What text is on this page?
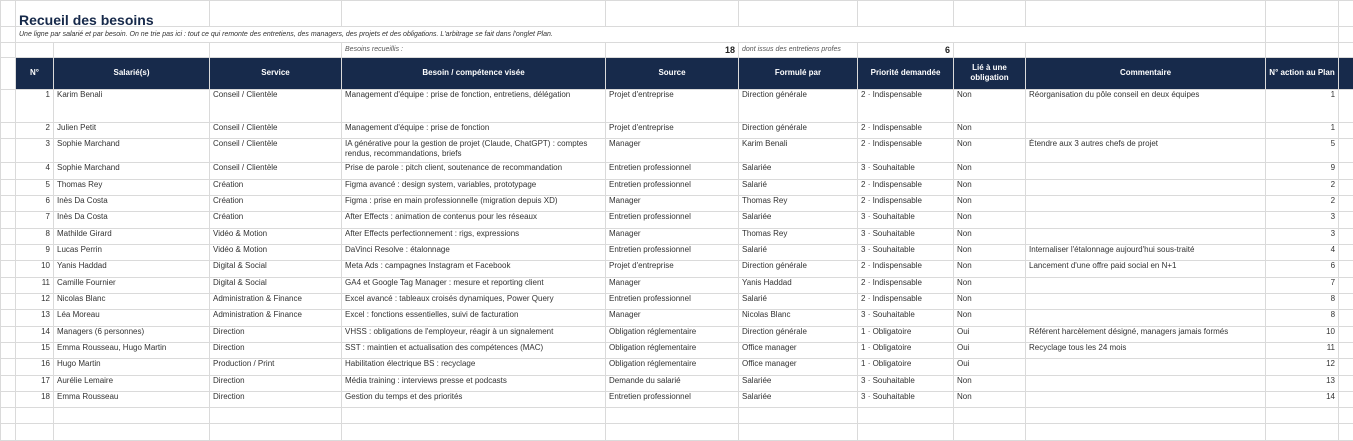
	Recueil des besoins										
	Une ligne par salarié et par besoin. On ne trie pas ici : tout ce qui remonte des entretiens, des managers, des projets et des obligations. L'arbitrage se fait dans l'onglet Plan.										
				Besoins recueillis :	18	dont issus des entretiens profes	6				
	N°	Salarié(s)	Service	Besoin / compétence visée	Source	Formulé par	Priorité demandée	Lié à une obligation	Commentaire	N° action au Plan	
	1	Karim Benali	Conseil / Clientèle	Management d'équipe : prise de fonction, entretiens, délégation	Projet d'entreprise	Direction générale	2 · Indispensable	Non	Réorganisation du pôle conseil en deux équipes	1	
	2	Julien Petit	Conseil / Clientèle	Management d'équipe : prise de fonction	Projet d'entreprise	Direction générale	2 · Indispensable	Non		1	
	3	Sophie Marchand	Conseil / Clientèle	IA générative pour la gestion de projet (Claude, ChatGPT) : comptes rendus, recommandations, briefs	Manager	Karim Benali	2 · Indispensable	Non	Étendre aux 3 autres chefs de projet	5	
	4	Sophie Marchand	Conseil / Clientèle	Prise de parole : pitch client, soutenance de recommandation	Entretien professionnel	Salariée	3 · Souhaitable	Non		9	
	5	Thomas Rey	Création	Figma avancé : design system, variables, prototypage	Entretien professionnel	Salarié	2 · Indispensable	Non		2	
	6	Inès Da Costa	Création	Figma : prise en main professionnelle (migration depuis XD)	Manager	Thomas Rey	2 · Indispensable	Non		2	
	7	Inès Da Costa	Création	After Effects : animation de contenus pour les réseaux	Entretien professionnel	Salariée	3 · Souhaitable	Non		3	
	8	Mathilde Girard	Vidéo & Motion	After Effects perfectionnement : rigs, expressions	Manager	Thomas Rey	3 · Souhaitable	Non		3	
	9	Lucas Perrin	Vidéo & Motion	DaVinci Resolve : étalonnage	Entretien professionnel	Salarié	3 · Souhaitable	Non	Internaliser l'étalonnage aujourd'hui sous-traité	4	
	10	Yanis Haddad	Digital & Social	Meta Ads : campagnes Instagram et Facebook	Projet d'entreprise	Direction générale	2 · Indispensable	Non	Lancement d'une offre paid social en N+1	6	
	11	Camille Fournier	Digital & Social	GA4 et Google Tag Manager : mesure et reporting client	Manager	Yanis Haddad	2 · Indispensable	Non		7	
	12	Nicolas Blanc	Administration & Finance	Excel avancé : tableaux croisés dynamiques, Power Query	Entretien professionnel	Salarié	2 · Indispensable	Non		8	
	13	Léa Moreau	Administration & Finance	Excel : fonctions essentielles, suivi de facturation	Manager	Nicolas Blanc	3 · Souhaitable	Non		8	
	14	Managers (6 personnes)	Direction	VHSS : obligations de l'employeur, réagir à un signalement	Obligation réglementaire	Direction générale	1 · Obligatoire	Oui	Référent harcèlement désigné, managers jamais formés	10	
	15	Emma Rousseau, Hugo Martin	Direction	SST : maintien et actualisation des compétences (MAC)	Obligation réglementaire	Office manager	1 · Obligatoire	Oui	Recyclage tous les 24 mois	11	
	16	Hugo Martin	Production / Print	Habilitation électrique BS : recyclage	Obligation réglementaire	Office manager	1 · Obligatoire	Oui		12	
	17	Aurélie Lemaire	Direction	Média training : interviews presse et podcasts	Demande du salarié	Salariée	3 · Souhaitable	Non		13	
	18	Emma Rousseau	Direction	Gestion du temps et des priorités	Entretien professionnel	Salariée	3 · Souhaitable	Non		14	
